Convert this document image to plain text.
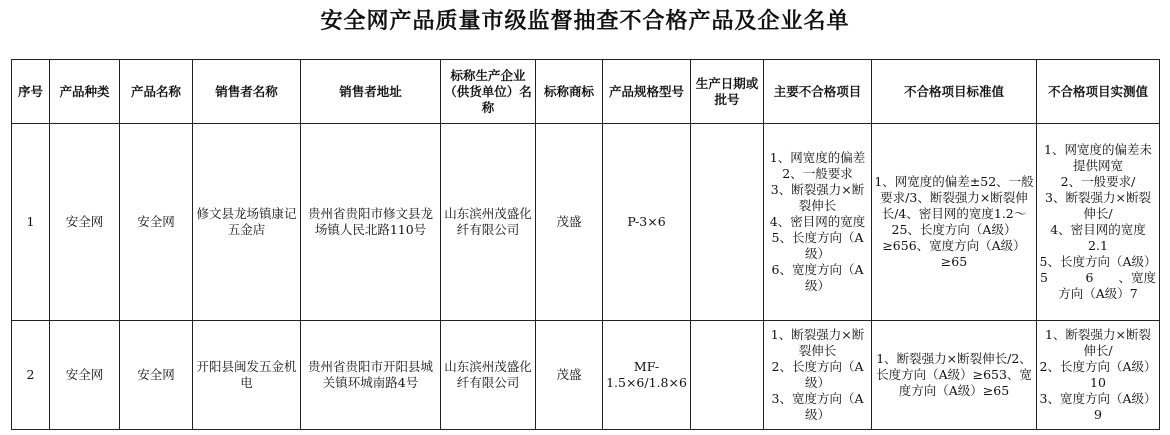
安全网产品质量市级监督抽查不合格产品及企业名单
序号	产品种类	产品名称	销售者名称	销售者地址	标称生产企业（供货单位）名称	标称商标	产品规格型号	生产日期或批号	主要不合格项目	不合格项目标准值	不合格项目实测值
1	安全网	安全网	修文县龙场镇康记五金店	贵州省贵阳市修文县龙场镇人民北路110号	山东滨州茂盛化纤有限公司	茂盛	P-3×6		1、网宽度的偏差　　2、一般要求
3、断裂强力×断裂伸长
4、密目网的宽度
5、长度方向（A级）
6、宽度方向（A级）	1、网宽度的偏差±52、一般要求/3、断裂强力×断裂伸长/4、密目网的宽度1.2～25、长度方向（A级）≥656、宽度方向（A级）≥65	1、网宽度的偏差未提供网宽
2、一般要求/
3、断裂强力×断裂伸长/
4、密目网的宽度　2.1
5、长度方向（A级）5　　　6　　、宽度方向（A级）7
2	安全网	安全网	开阳县闽发五金机电	贵州省贵阳市开阳县城关镇环城南路4号	山东滨州茂盛化纤有限公司	茂盛	MF-1.5×6/1.8×6		1、断裂强力×断裂伸长
2、长度方向（A级）
3、宽度方向（A级）	1、断裂强力×断裂伸长/2、长度方向（A级）≥653、宽度方向（A级）≥65	1、断裂强力×断裂伸长/
2、长度方向（A级）10
3、宽度方向（A级）9
